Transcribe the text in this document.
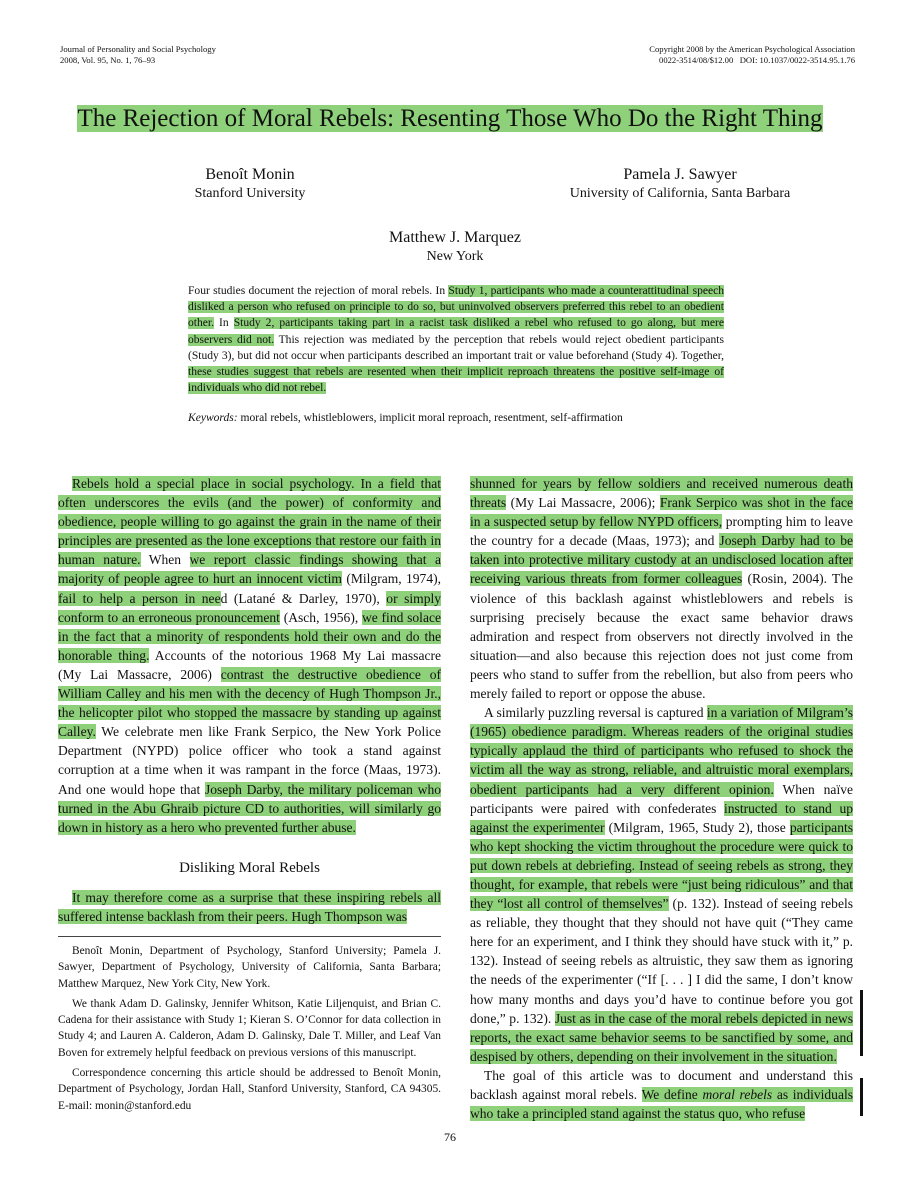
Journal of Personality and Social Psychology
2008, Vol. 95, No. 1, 76–93
Copyright 2008 by the American Psychological Association
0022-3514/08/$12.00   DOI: 10.1037/0022-3514.95.1.76
The Rejection of Moral Rebels: Resenting Those Who Do the Right Thing
Benoît Monin
Stanford University
Pamela J. Sawyer
University of California, Santa Barbara
Matthew J. Marquez
New York
Four studies document the rejection of moral rebels. In Study 1, participants who made a counterattitudinal speech disliked a person who refused on principle to do so, but uninvolved observers preferred this rebel to an obedient other. In Study 2, participants taking part in a racist task disliked a rebel who refused to go along, but mere observers did not. This rejection was mediated by the perception that rebels would reject obedient participants (Study 3), but did not occur when participants described an important trait or value beforehand (Study 4). Together, these studies suggest that rebels are resented when their implicit reproach threatens the positive self-image of individuals who did not rebel.
Keywords: moral rebels, whistleblowers, implicit moral reproach, resentment, self-affirmation

Rebels hold a special place in social psychology. In a field that often underscores the evils (and the power) of conformity and obedience, people willing to go against the grain in the name of their principles are presented as the lone exceptions that restore our faith in human nature. When we report classic findings showing that a majority of people agree to hurt an innocent victim (Milgram, 1974), fail to help a person in need (Latané & Darley, 1970), or simply conform to an erroneous pronouncement (Asch, 1956), we find solace in the fact that a minority of respondents hold their own and do the honorable thing. Accounts of the notorious 1968 My Lai massacre (My Lai Massacre, 2006) contrast the destructive obedience of William Calley and his men with the decency of Hugh Thompson Jr., the helicopter pilot who stopped the massacre by standing up against Calley. We celebrate men like Frank Serpico, the New York Police Department (NYPD) police officer who took a stand against corruption at a time when it was rampant in the force (Maas, 1973). And one would hope that Joseph Darby, the military policeman who turned in the Abu Ghraib picture CD to authorities, will similarly go down in history as a hero who prevented further abuse.

Disliking Moral Rebels

It may therefore come as a surprise that these inspiring rebels all suffered intense backlash from their peers. Hugh Thompson was

Benoît Monin, Department of Psychology, Stanford University; Pamela J. Sawyer, Department of Psychology, University of California, Santa Barbara; Matthew Marquez, New York City, New York.

We thank Adam D. Galinsky, Jennifer Whitson, Katie Liljenquist, and Brian C. Cadena for their assistance with Study 1; Kieran S. O’Connor for data collection in Study 4; and Lauren A. Calderon, Adam D. Galinsky, Dale T. Miller, and Leaf Van Boven for extremely helpful feedback on previous versions of this manuscript.

Correspondence concerning this article should be addressed to Benoît Monin, Department of Psychology, Jordan Hall, Stanford University, Stanford, CA 94305. E-mail: monin@stanford.edu

shunned for years by fellow soldiers and received numerous death threats (My Lai Massacre, 2006); Frank Serpico was shot in the face in a suspected setup by fellow NYPD officers, prompting him to leave the country for a decade (Maas, 1973); and Joseph Darby had to be taken into protective military custody at an undisclosed location after receiving various threats from former colleagues (Rosin, 2004). The violence of this backlash against whistleblowers and rebels is surprising precisely because the exact same behavior draws admiration and respect from observers not directly involved in the situation—and also because this rejection does not just come from peers who stand to suffer from the rebellion, but also from peers who merely failed to report or oppose the abuse.

A similarly puzzling reversal is captured in a variation of Milgram’s (1965) obedience paradigm. Whereas readers of the original studies typically applaud the third of participants who refused to shock the victim all the way as strong, reliable, and altruistic moral exemplars, obedient participants had a very different opinion. When naïve participants were paired with confederates instructed to stand up against the experimenter (Milgram, 1965, Study 2), those participants who kept shocking the victim throughout the procedure were quick to put down rebels at debriefing. Instead of seeing rebels as strong, they thought, for example, that rebels were “just being ridiculous” and that they “lost all control of themselves” (p. 132). Instead of seeing rebels as reliable, they thought that they should not have quit (“They came here for an experiment, and I think they should have stuck with it,” p. 132). Instead of seeing rebels as altruistic, they saw them as ignoring the needs of the experimenter (“If [. . . ] I did the same, I don’t know how many months and days you’d have to continue before you got done,” p. 132). Just as in the case of the moral rebels depicted in news reports, the exact same behavior seems to be sanctified by some, and despised by others, depending on their involvement in the situation.

The goal of this article was to document and understand this backlash against moral rebels. We define moral rebels as individuals who take a principled stand against the status quo, who refuse

76
